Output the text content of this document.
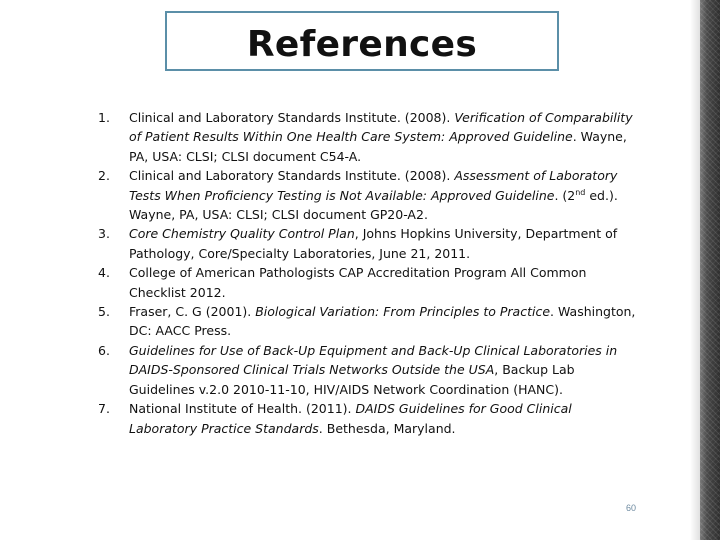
References
1. Clinical and Laboratory Standards Institute. (2008). Verification of Comparability of Patient Results Within One Health Care System: Approved Guideline. Wayne, PA, USA: CLSI; CLSI document C54-A.
2. Clinical and Laboratory Standards Institute. (2008). Assessment of Laboratory Tests When Proficiency Testing is Not Available: Approved Guideline. (2nd ed.). Wayne, PA, USA: CLSI; CLSI document GP20-A2.
3. Core Chemistry Quality Control Plan, Johns Hopkins University, Department of Pathology, Core/Specialty Laboratories, June 21, 2011.
4. College of American Pathologists CAP Accreditation Program All Common Checklist 2012.
5. Fraser, C. G (2001). Biological Variation: From Principles to Practice. Washington, DC: AACC Press.
6. Guidelines for Use of Back-Up Equipment and Back-Up Clinical Laboratories in DAIDS-Sponsored Clinical Trials Networks Outside the USA, Backup Lab Guidelines v.2.0 2010-11-10, HIV/AIDS Network Coordination (HANC).
7. National Institute of Health. (2011). DAIDS Guidelines for Good Clinical Laboratory Practice Standards. Bethesda, Maryland.
60
